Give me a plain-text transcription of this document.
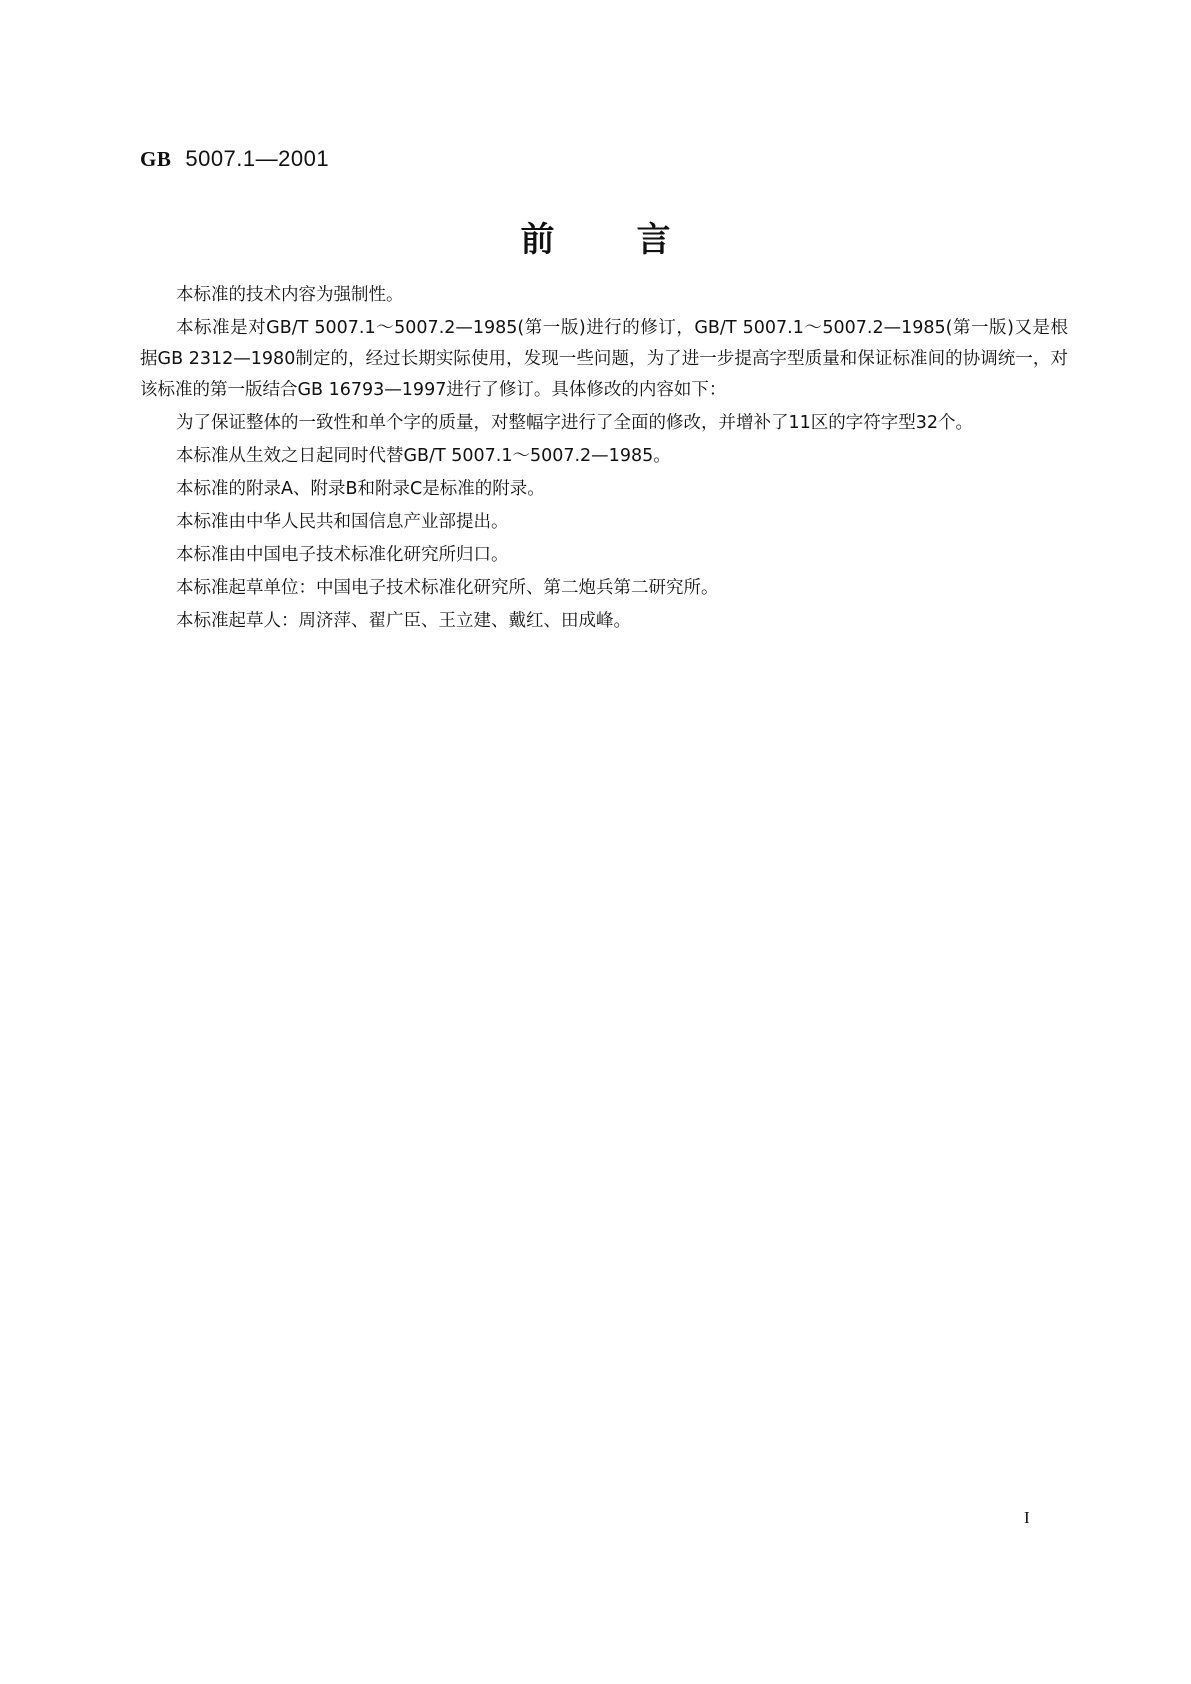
GB 5007.1—2001
前言

本标准的技术内容为强制性。

本标准是对GB/T 5007.1～5007.2—1985(第一版)进行的修订，GB/T 5007.1～5007.2—1985(第一版)又是根据GB 2312—1980制定的，经过长期实际使用，发现一些问题，为了进一步提高字型质量和保证标准间的协调统一，对该标准的第一版结合GB 16793—1997进行了修订。具体修改的内容如下：

为了保证整体的一致性和单个字的质量，对整幅字进行了全面的修改，并增补了11区的字符字型32个。

本标准从生效之日起同时代替GB/T 5007.1～5007.2—1985。

本标准的附录A、附录B和附录C是标准的附录。

本标准由中华人民共和国信息产业部提出。

本标准由中国电子技术标准化研究所归口。

本标准起草单位：中国电子技术标准化研究所、第二炮兵第二研究所。

本标准起草人：周济萍、翟广臣、王立建、戴红、田成峰。

I
